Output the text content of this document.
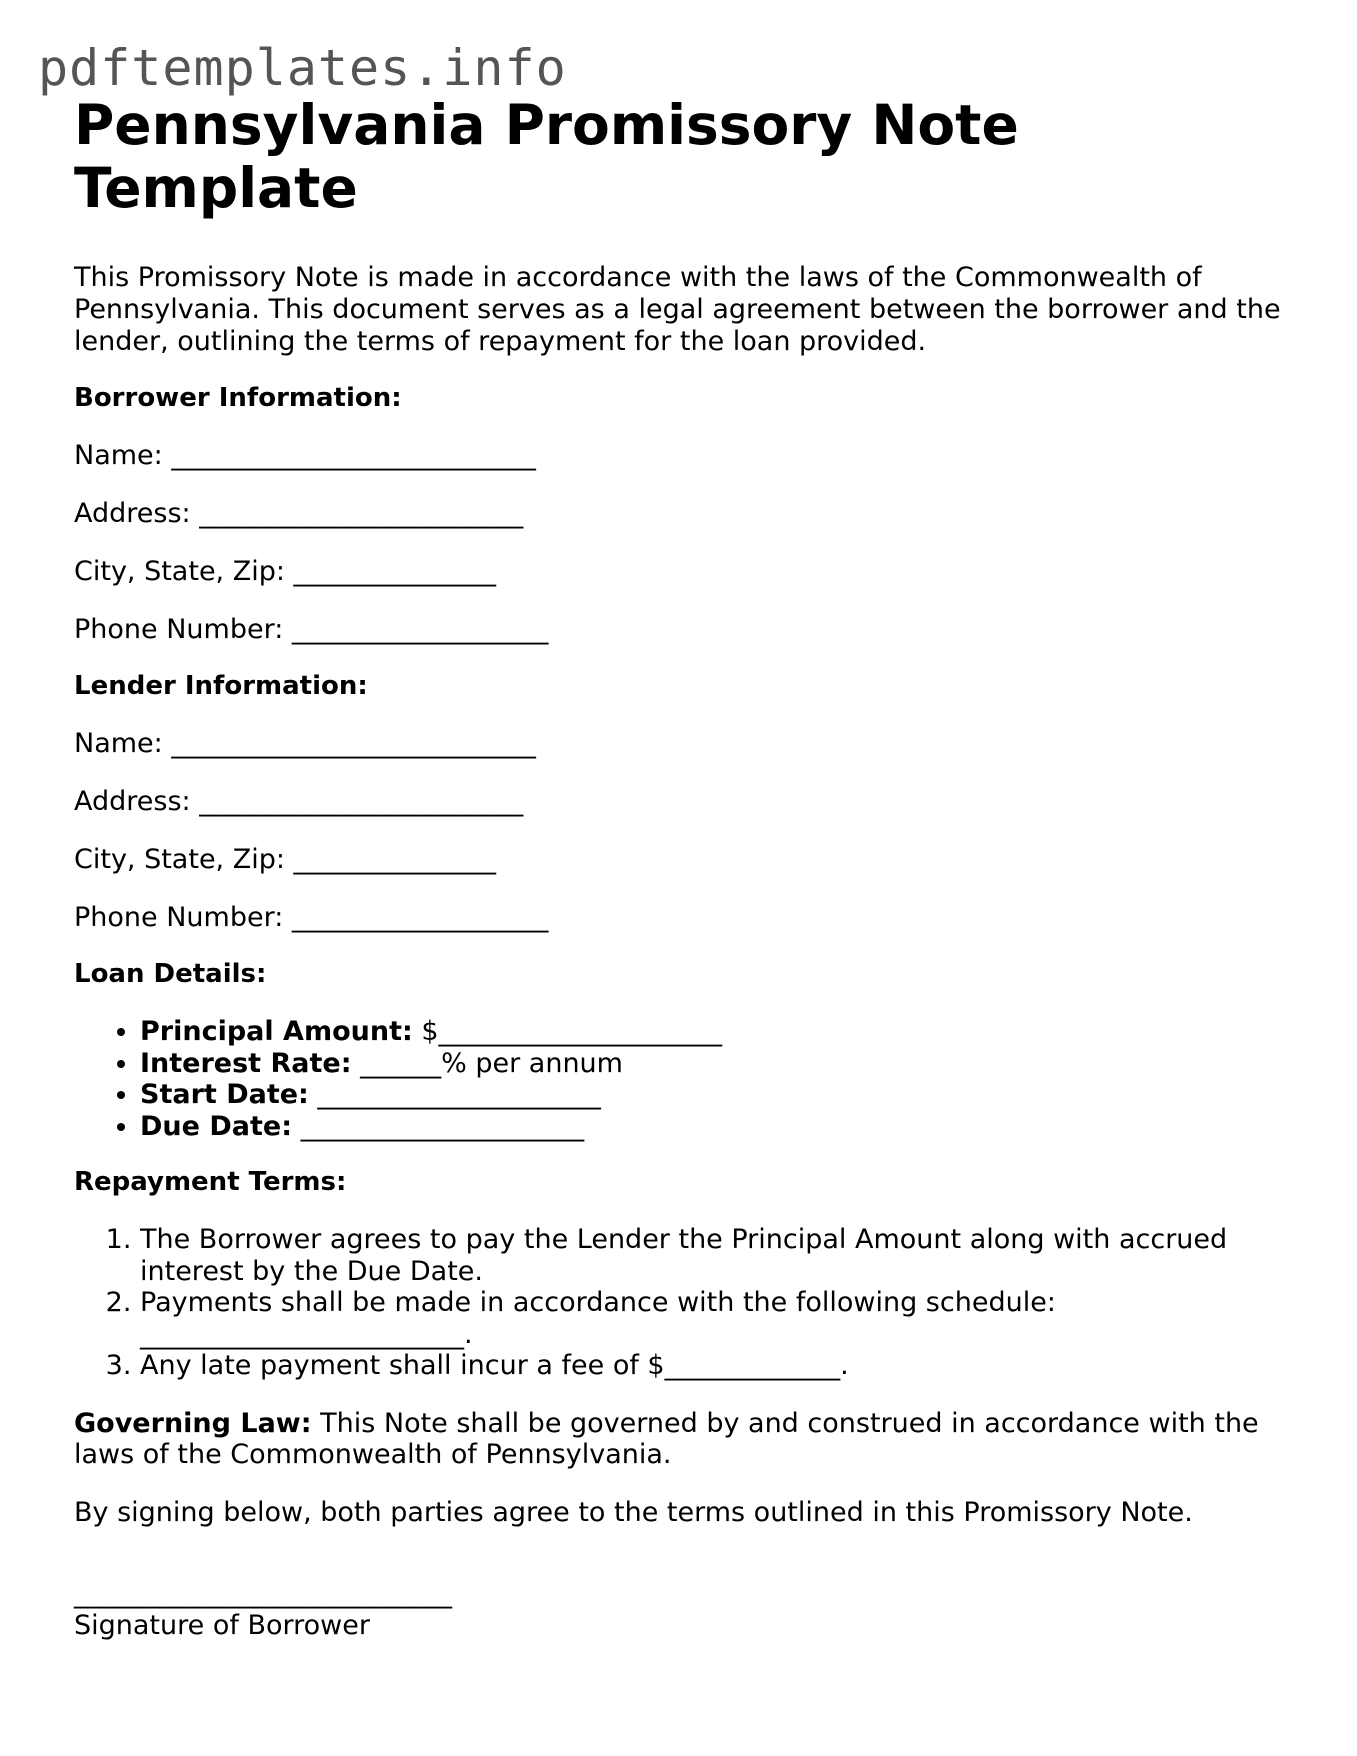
pdftemplates.info
Pennsylvania Promissory Note Template

This Promissory Note is made in accordance with the laws of the Commonwealth of Pennsylvania. This document serves as a legal agreement between the borrower and the lender, outlining the terms of repayment for the loan provided.

Borrower Information:
Name: ___________________________
Address: ________________________
City, State, Zip: _______________
Phone Number: ___________________
Lender Information:
Name: ___________________________
Address: ________________________
City, State, Zip: _______________
Phone Number: ___________________
Loan Details:
• Principal Amount: $_____________________
• Interest Rate: ______% per annum
• Start Date: _____________________
• Due Date: _____________________
Repayment Terms:
1. The Borrower agrees to pay the Lender the Principal Amount along with accrued interest by the Due Date.
2. Payments shall be made in accordance with the following schedule: ________________________.
3. Any late payment shall incur a fee of $_____________.

Governing Law: This Note shall be governed by and construed in accordance with the laws of the Commonwealth of Pennsylvania.

By signing below, both parties agree to the terms outlined in this Promissory Note.

____________________________
Signature of Borrower
